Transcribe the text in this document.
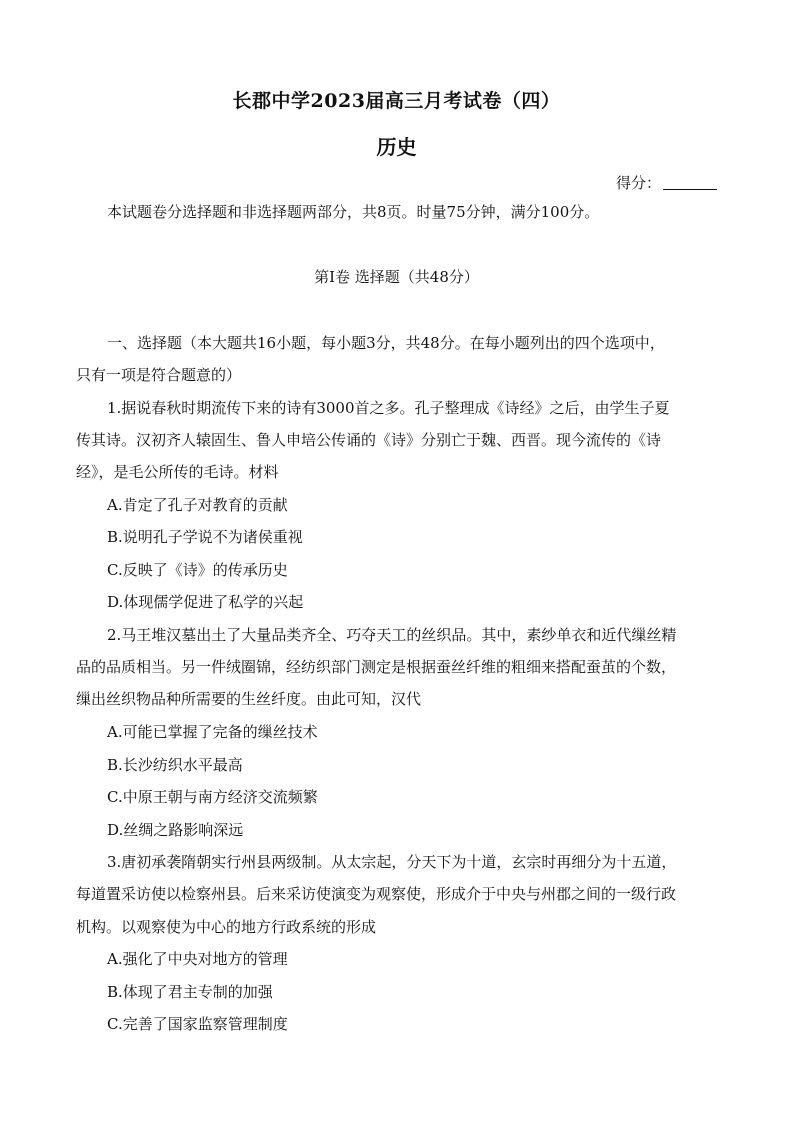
长郡中学2023届高三月考试卷（四）
历史
得分：
本试题卷分选择题和非选择题两部分，共8页。时量75分钟，满分100分。
第Ⅰ卷 选择题（共48分）
一、选择题（本大题共16小题，每小题3分，共48分。在每小题列出的四个选项中，
只有一项是符合题意的）
1.据说春秋时期流传下来的诗有3000首之多。孔子整理成《诗经》之后，由学生子夏
传其诗。汉初齐人辕固生、鲁人申培公传诵的《诗》分别亡于魏、西晋。现今流传的《诗
经》，是毛公所传的毛诗。材料
A.肯定了孔子对教育的贡献
B.说明孔子学说不为诸侯重视
C.反映了《诗》的传承历史
D.体现儒学促进了私学的兴起
2.马王堆汉墓出土了大量品类齐全、巧夺天工的丝织品。其中，素纱单衣和近代缫丝精
品的品质相当。另一件绒圈锦，经纺织部门测定是根据蚕丝纤维的粗细来搭配蚕茧的个数，
缫出丝织物品种所需要的生丝纤度。由此可知，汉代
A.可能已掌握了完备的缫丝技术
B.长沙纺织水平最高
C.中原王朝与南方经济交流频繁
D.丝绸之路影响深远
3.唐初承袭隋朝实行州县两级制。从太宗起，分天下为十道，玄宗时再细分为十五道，
每道置采访使以检察州县。后来采访使演变为观察使，形成介于中央与州郡之间的一级行政
机构。以观察使为中心的地方行政系统的形成
A.强化了中央对地方的管理
B.体现了君主专制的加强
C.完善了国家监察管理制度
